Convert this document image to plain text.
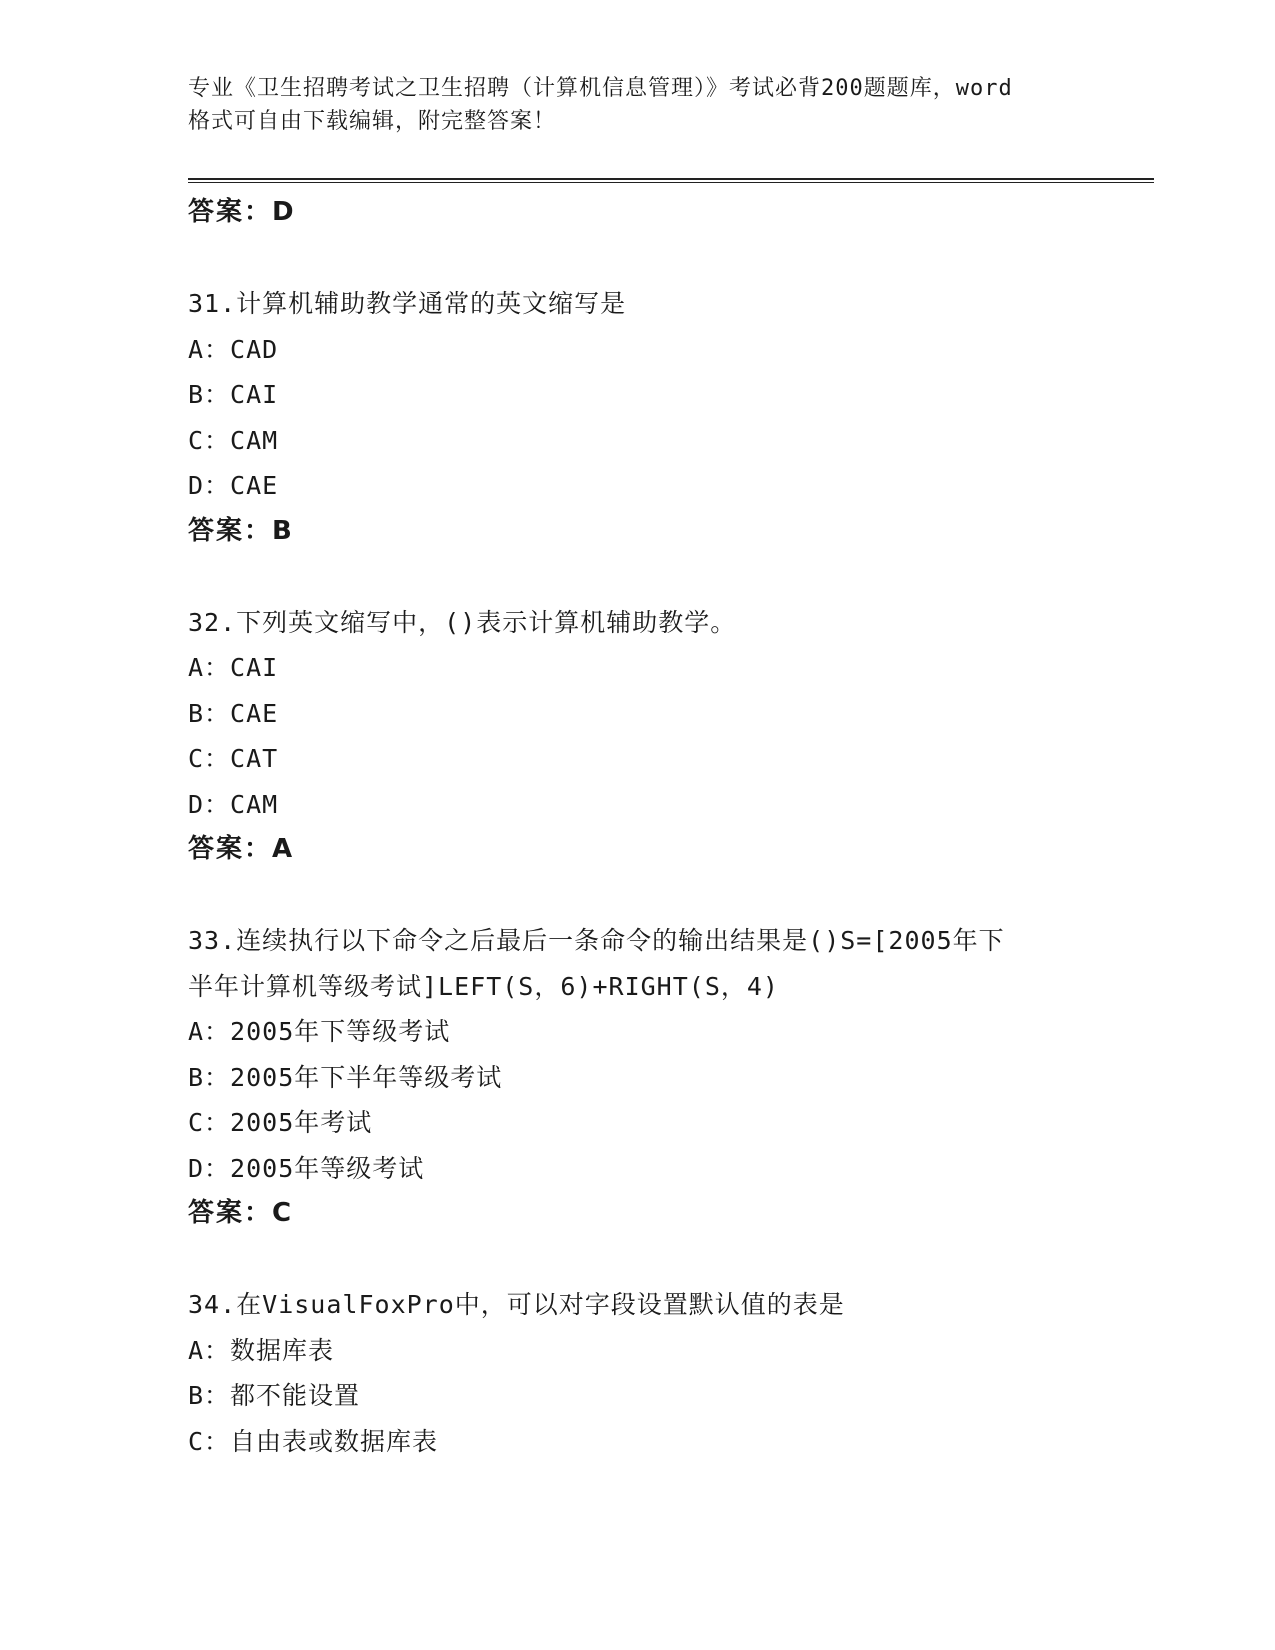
专业《卫生招聘考试之卫生招聘（计算机信息管理）》考试必背200题题库，word
格式可自由下载编辑，附完整答案！
答案：D
31.计算机辅助教学通常的英文缩写是
A：CAD
B：CAI
C：CAM
D：CAE
答案：B
32.下列英文缩写中，()表示计算机辅助教学。
A：CAI
B：CAE
C：CAT
D：CAM
答案：A
33.连续执行以下命令之后最后一条命令的输出结果是()S=[2005年下
半年计算机等级考试]LEFT(S，6)+RIGHT(S，4)
A：2005年下等级考试
B：2005年下半年等级考试
C：2005年考试
D：2005年等级考试
答案：C
34.在VisualFoxPro中，可以对字段设置默认值的表是
A：数据库表
B：都不能设置
C：自由表或数据库表
